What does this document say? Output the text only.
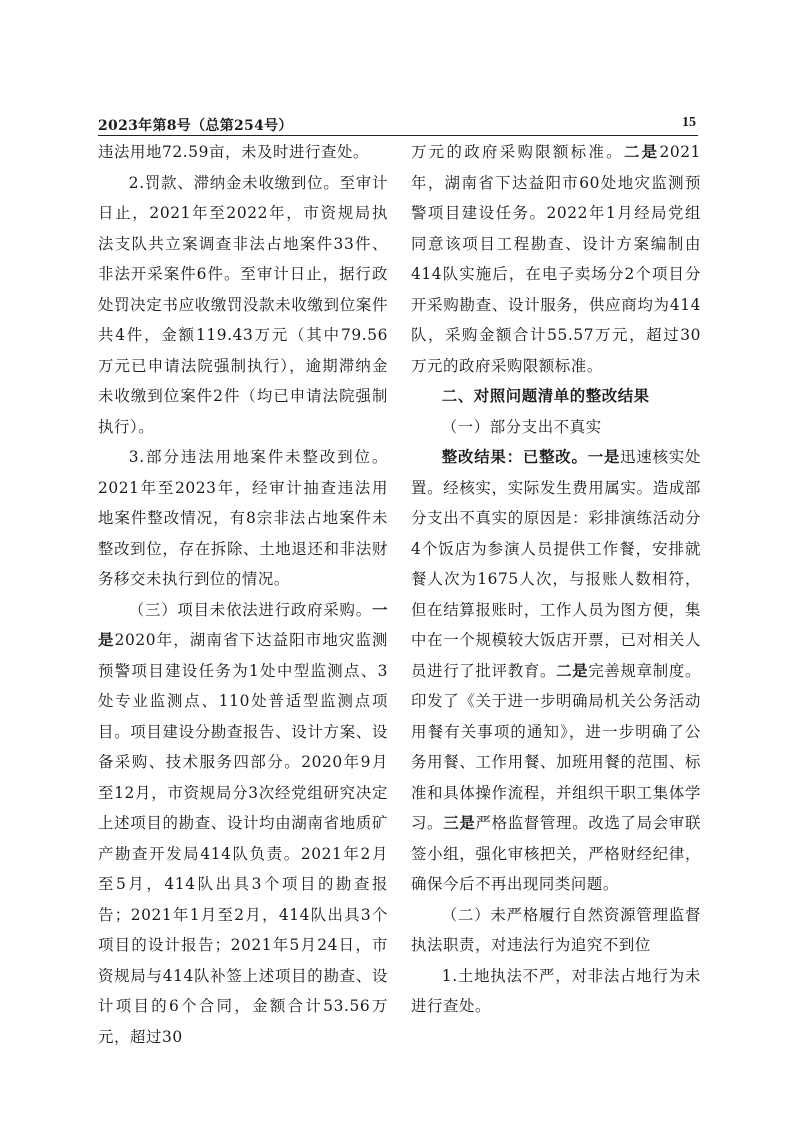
2023年第8号（总第254号）	15

违法用地72.59亩，未及时进行查处。

2.罚款、滞纳金未收缴到位。至审计日止，2021年至2022年，市资规局执法支队共立案调查非法占地案件33件、非法开采案件6件。至审计日止，据行政处罚决定书应收缴罚没款未收缴到位案件共4件，金额119.43万元（其中79.56万元已申请法院强制执行），逾期滞纳金未收缴到位案件2件（均已申请法院强制执行）。

3.部分违法用地案件未整改到位。2021年至2023年，经审计抽查违法用地案件整改情况，有8宗非法占地案件未整改到位，存在拆除、土地退还和非法财务移交未执行到位的情况。

（三）项目未依法进行政府采购。一是2020年，湖南省下达益阳市地灾监测预警项目建设任务为1处中型监测点、3处专业监测点、110处普适型监测点项目。项目建设分勘查报告、设计方案、设备采购、技术服务四部分。2020年9月至12月，市资规局分3次经党组研究决定上述项目的勘查、设计均由湖南省地质矿产勘查开发局414队负责。2021年2月至5月，414队出具3个项目的勘查报告；2021年1月至2月，414队出具3个项目的设计报告；2021年5月24日，市资规局与414队补签上述项目的勘查、设计项目的6个合同，金额合计53.56万元，超过30

万元的政府采购限额标准。二是2021年，湖南省下达益阳市60处地灾监测预警项目建设任务。2022年1月经局党组同意该项目工程勘查、设计方案编制由414队实施后，在电子卖场分2个项目分开采购勘查、设计服务，供应商均为414队，采购金额合计55.57万元，超过30万元的政府采购限额标准。

二、对照问题清单的整改结果

（一）部分支出不真实

整改结果：已整改。一是迅速核实处置。经核实，实际发生费用属实。造成部分支出不真实的原因是：彩排演练活动分4个饭店为参演人员提供工作餐，安排就餐人次为1675人次，与报账人数相符，但在结算报账时，工作人员为图方便，集中在一个规模较大饭店开票，已对相关人员进行了批评教育。二是完善规章制度。印发了《关于进一步明确局机关公务活动用餐有关事项的通知》，进一步明确了公务用餐、工作用餐、加班用餐的范围、标准和具体操作流程，并组织干职工集体学习。三是严格监督管理。改选了局会审联签小组，强化审核把关，严格财经纪律，确保今后不再出现同类问题。

（二）未严格履行自然资源管理监督执法职责，对违法行为追究不到位

1.土地执法不严，对非法占地行为未进行查处。
